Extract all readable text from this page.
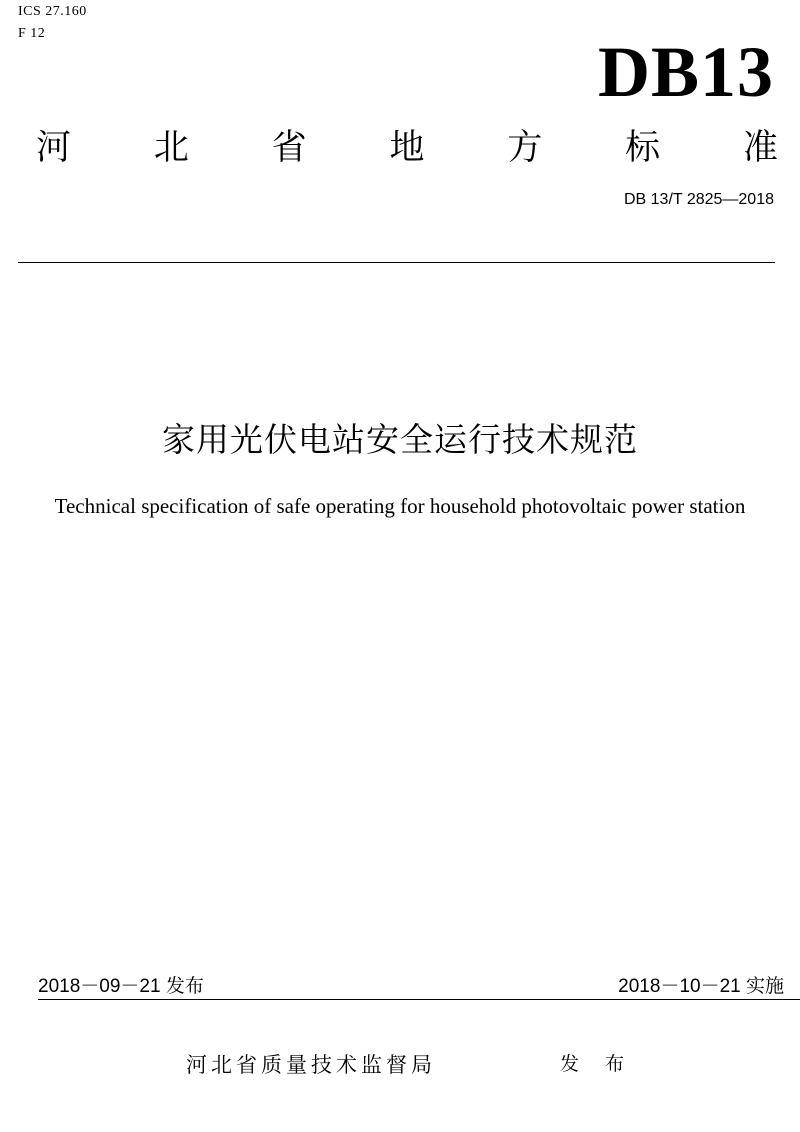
ICS 27.160
F 12	DB13
河 北 省 地 方 标 准
DB 13/T 2825—2018
家用光伏电站安全运行技术规范
Technical specification of safe operating for household photovoltaic power station
2018－09－21 发布	2018－10－21 实施
河北省质量技术监督局	发 布
